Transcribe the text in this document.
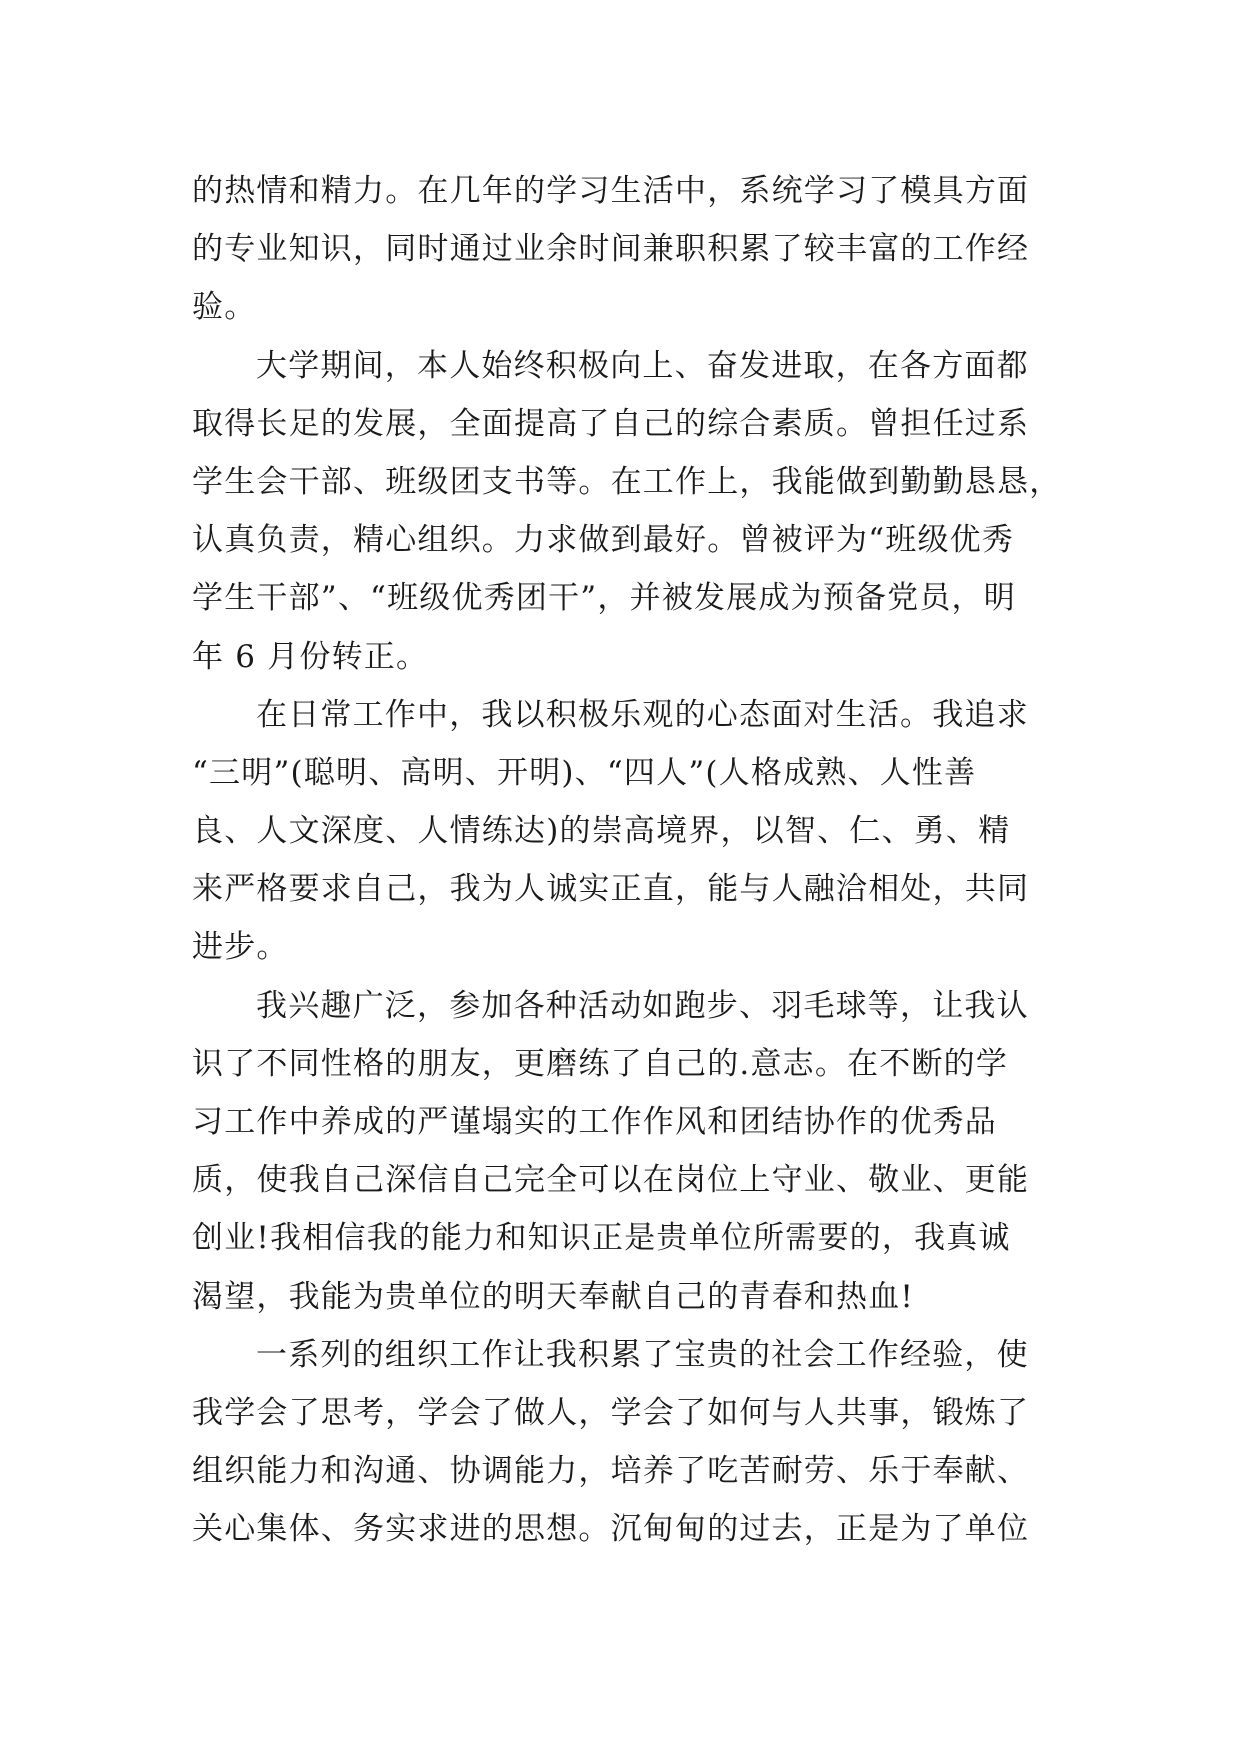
的热情和精力。在几年的学习生活中，系统学习了模具方面
的专业知识，同时通过业余时间兼职积累了较丰富的工作经
验。
大学期间，本人始终积极向上、奋发进取，在各方面都
取得长足的发展，全面提高了自己的综合素质。曾担任过系
学生会干部、班级团支书等。在工作上，我能做到勤勤恳恳，
认真负责，精心组织。力求做到最好。曾被评为“班级优秀
学生干部”、“班级优秀团干”，并被发展成为预备党员，明
年 6 月份转正。
在日常工作中，我以积极乐观的心态面对生活。我追求
“三明”(聪明、高明、开明)、“四人”(人格成熟、人性善
良、人文深度、人情练达)的崇高境界，以智、仁、勇、精
来严格要求自己，我为人诚实正直，能与人融洽相处，共同
进步。
我兴趣广泛，参加各种活动如跑步、羽毛球等，让我认
识了不同性格的朋友，更磨练了自己的.意志。在不断的学
习工作中养成的严谨塌实的工作作风和团结协作的优秀品
质，使我自己深信自己完全可以在岗位上守业、敬业、更能
创业!我相信我的能力和知识正是贵单位所需要的，我真诚
渴望，我能为贵单位的明天奉献自己的青春和热血!
一系列的组织工作让我积累了宝贵的社会工作经验，使
我学会了思考，学会了做人，学会了如何与人共事，锻炼了
组织能力和沟通、协调能力，培养了吃苦耐劳、乐于奉献、
关心集体、务实求进的思想。沉甸甸的过去，正是为了单位
